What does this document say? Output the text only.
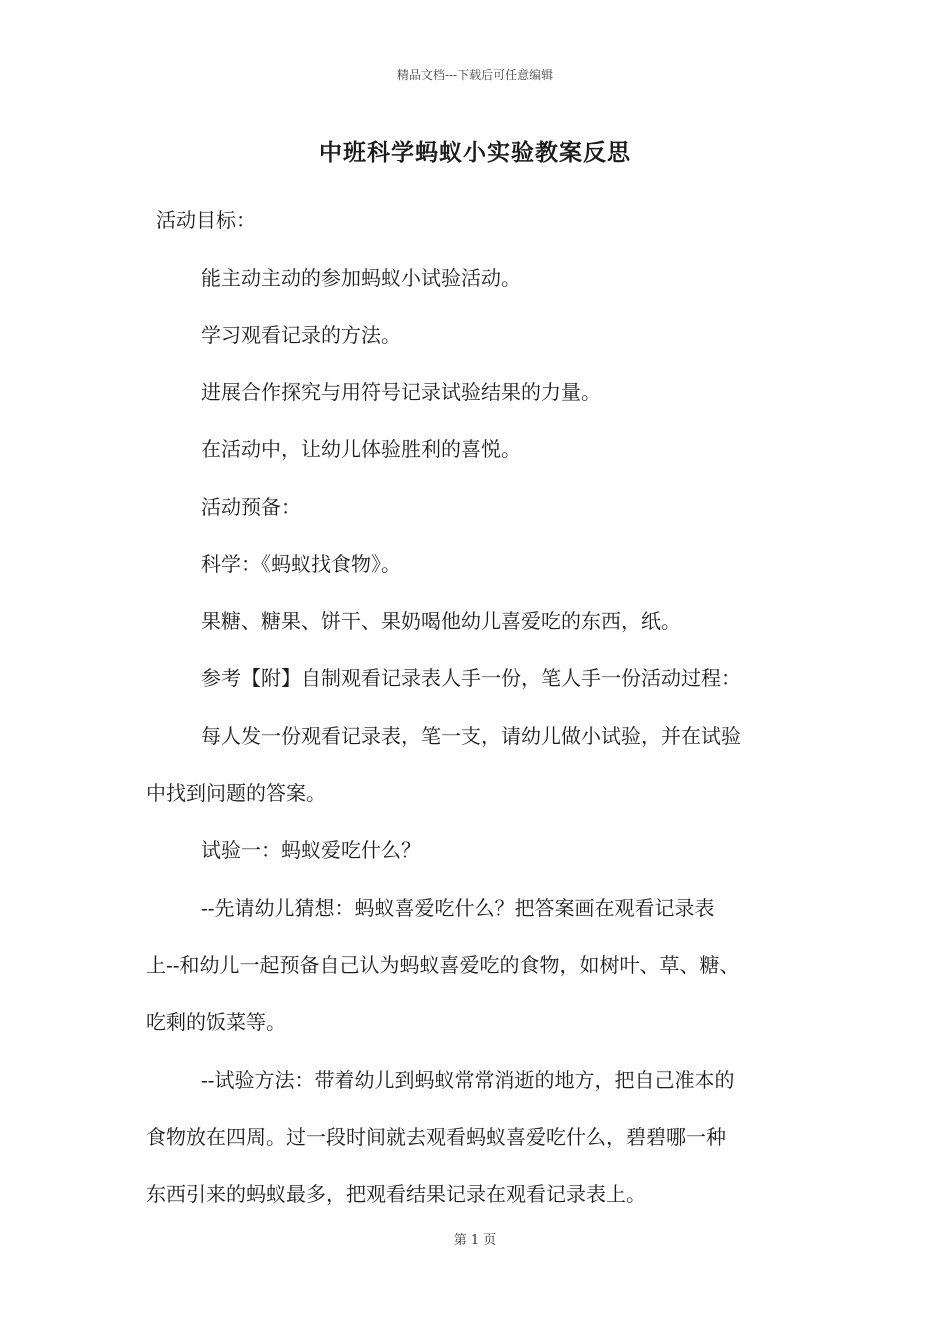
精品文档---下载后可任意编辑
中班科学蚂蚁小实验教案反思
活动目标：
能主动主动的参加蚂蚁小试验活动。
学习观看记录的方法。
进展合作探究与用符号记录试验结果的力量。
在活动中，让幼儿体验胜利的喜悦。
活动预备：
科学：《蚂蚁找食物》。
果糖、糖果、饼干、果奶喝他幼儿喜爱吃的东西，纸。
参考【附】自制观看记录表人手一份，笔人手一份活动过程：
每人发一份观看记录表，笔一支，请幼儿做小试验，并在试验
中找到问题的答案。
试验一：蚂蚁爱吃什么？
--先请幼儿猜想：蚂蚁喜爱吃什么？把答案画在观看记录表
上--和幼儿一起预备自己认为蚂蚁喜爱吃的食物，如树叶、草、糖、
吃剩的饭菜等。
--试验方法：带着幼儿到蚂蚁常常消逝的地方，把自己准本的
食物放在四周。过一段时间就去观看蚂蚁喜爱吃什么，碧碧哪一种
东西引来的蚂蚁最多，把观看结果记录在观看记录表上。
第 1 页
